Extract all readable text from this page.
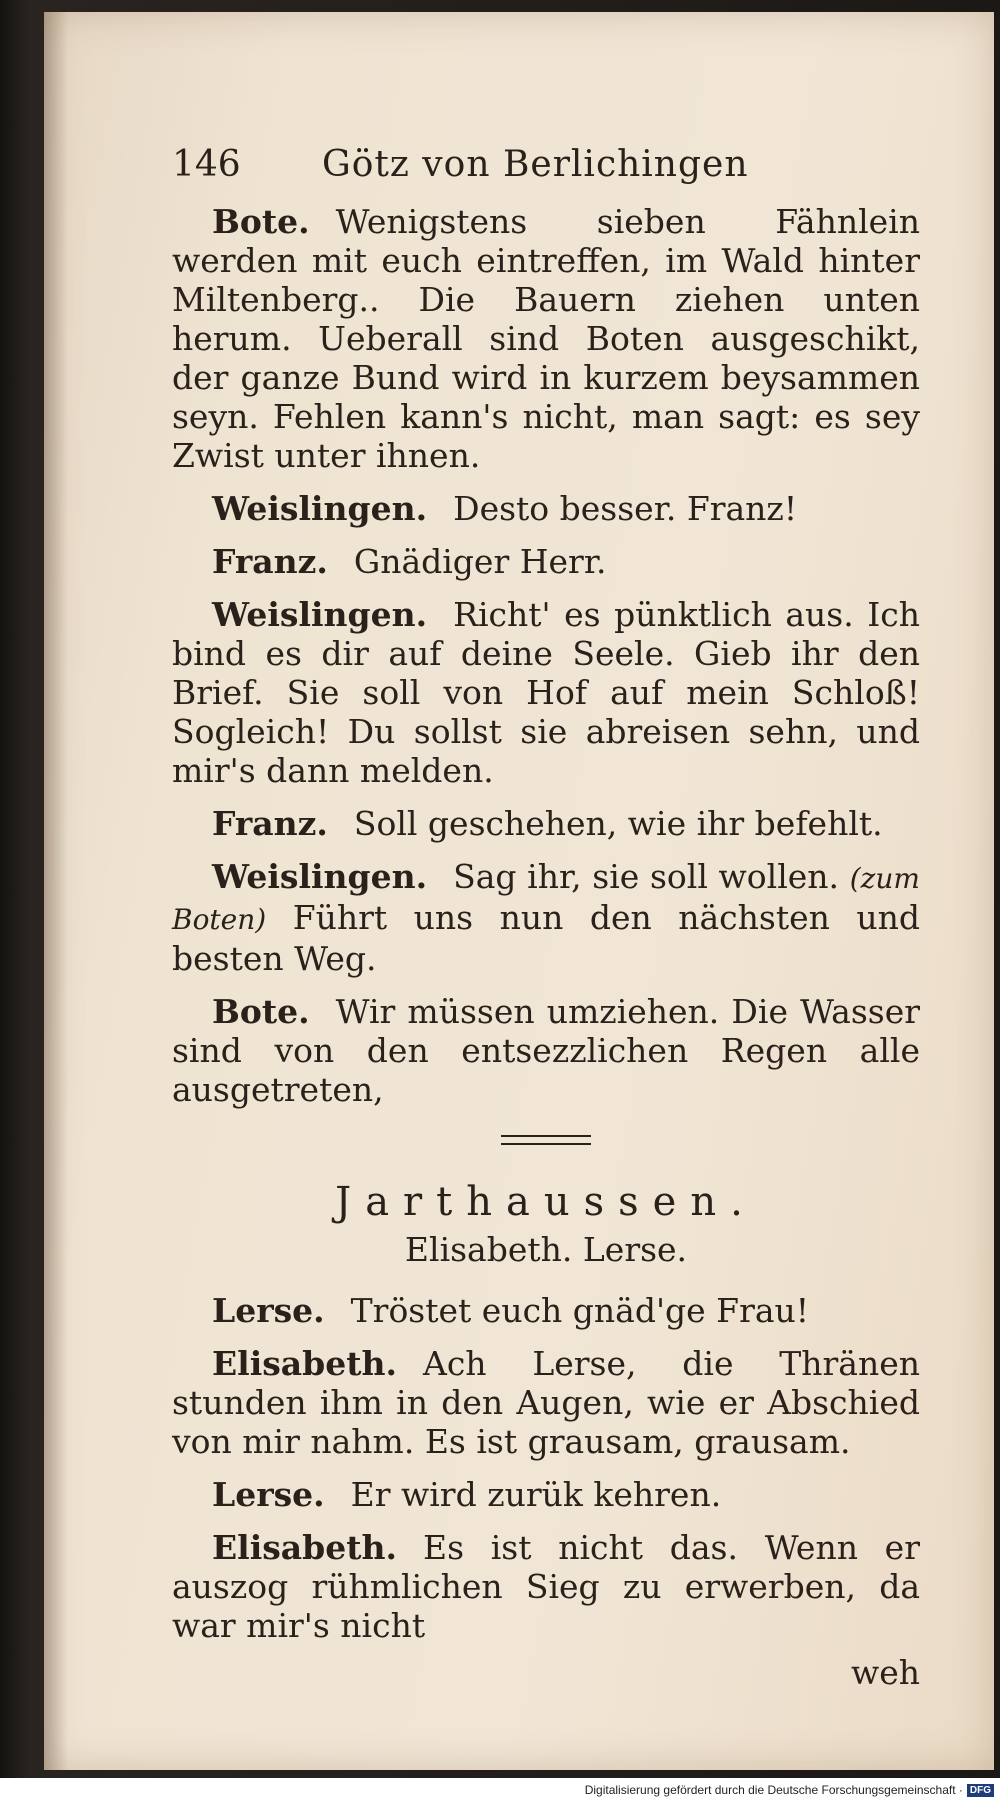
146	Götz von Berlichingen

Bote. Wenigstens sieben Fähnlein werden mit euch eintreffen, im Wald hinter Miltenberg.. Die Bauern ziehen unten herum. Ueberall sind Boten ausgeschikt, der ganze Bund wird in kurzem beysammen seyn. Fehlen kann's nicht, man sagt: es sey Zwist unter ihnen.

Weislingen. Desto besser. Franz!

Franz. Gnädiger Herr.

Weislingen. Richt' es pünktlich aus. Ich bind es dir auf deine Seele. Gieb ihr den Brief. Sie soll von Hof auf mein Schloß! Sogleich! Du sollst sie abreisen sehn, und mir's dann melden.

Franz. Soll geschehen, wie ihr befehlt.

Weislingen. Sag ihr, sie soll wollen. (zum Boten) Führt uns nun den nächsten und besten Weg.

Bote. Wir müssen umziehen. Die Wasser sind von den entsezzlichen Regen alle ausgetreten,

Jarthaussen.
Elisabeth. Lerse.

Lerse. Tröstet euch gnäd'ge Frau!

Elisabeth. Ach Lerse, die Thränen stunden ihm in den Augen, wie er Abschied von mir nahm. Es ist grausam, grausam.

Lerse. Er wird zurük kehren.

Elisabeth. Es ist nicht das. Wenn er auszog rühmlichen Sieg zu erwerben, da war mir's nicht

weh
Digitalisierung gefördert durch die Deutsche Forschungsgemeinschaft · DFG
